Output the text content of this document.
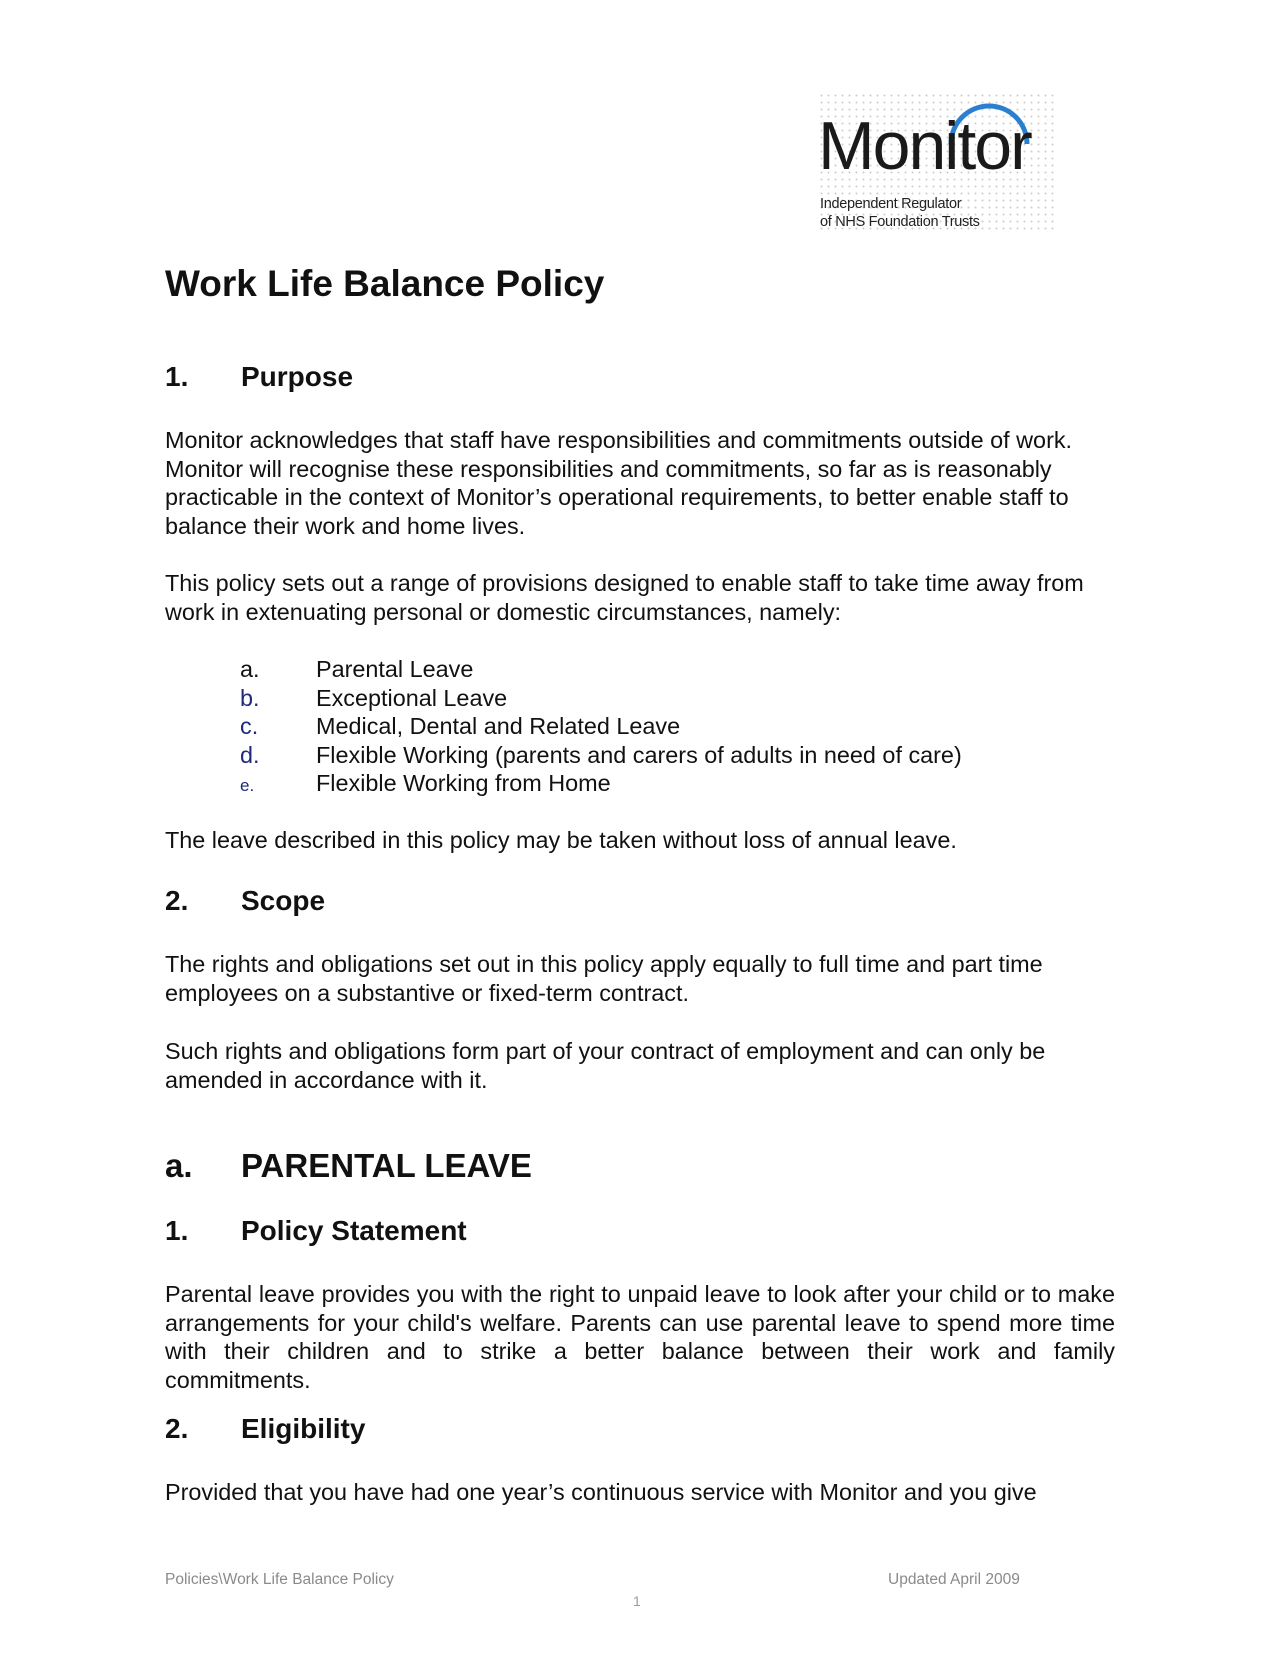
Monitor
Independent Regulator
of NHS Foundation Trusts
Work Life Balance Policy
1. Purpose

Monitor acknowledges that staff have responsibilities and commitments outside of work. Monitor will recognise these responsibilities and commitments, so far as is reasonably practicable in the context of Monitor’s operational requirements, to better enable staff to balance their work and home lives.

This policy sets out a range of provisions designed to enable staff to take time away from work in extenuating personal or domestic circumstances, namely:

a. Parental Leave
b. Exceptional Leave
c. Medical, Dental and Related Leave
d. Flexible Working (parents and carers of adults in need of care)
e.	Flexible Working from Home

The leave described in this policy may be taken without loss of annual leave.

2. Scope

The rights and obligations set out in this policy apply equally to full time and part time employees on a substantive or fixed-term contract.

Such rights and obligations form part of your contract of employment and can only be amended in accordance with it.

a. PARENTAL LEAVE
1. Policy Statement

Parental leave provides you with the right to unpaid leave to look after your child or to make arrangements for your child's welfare. Parents can use parental leave to spend more time with their children and to strike a better balance between their work and family commitments.

2. Eligibility

Provided that you have had one year’s continuous service with Monitor and you give

Policies\Work Life Balance Policy	Updated April 2009
1
